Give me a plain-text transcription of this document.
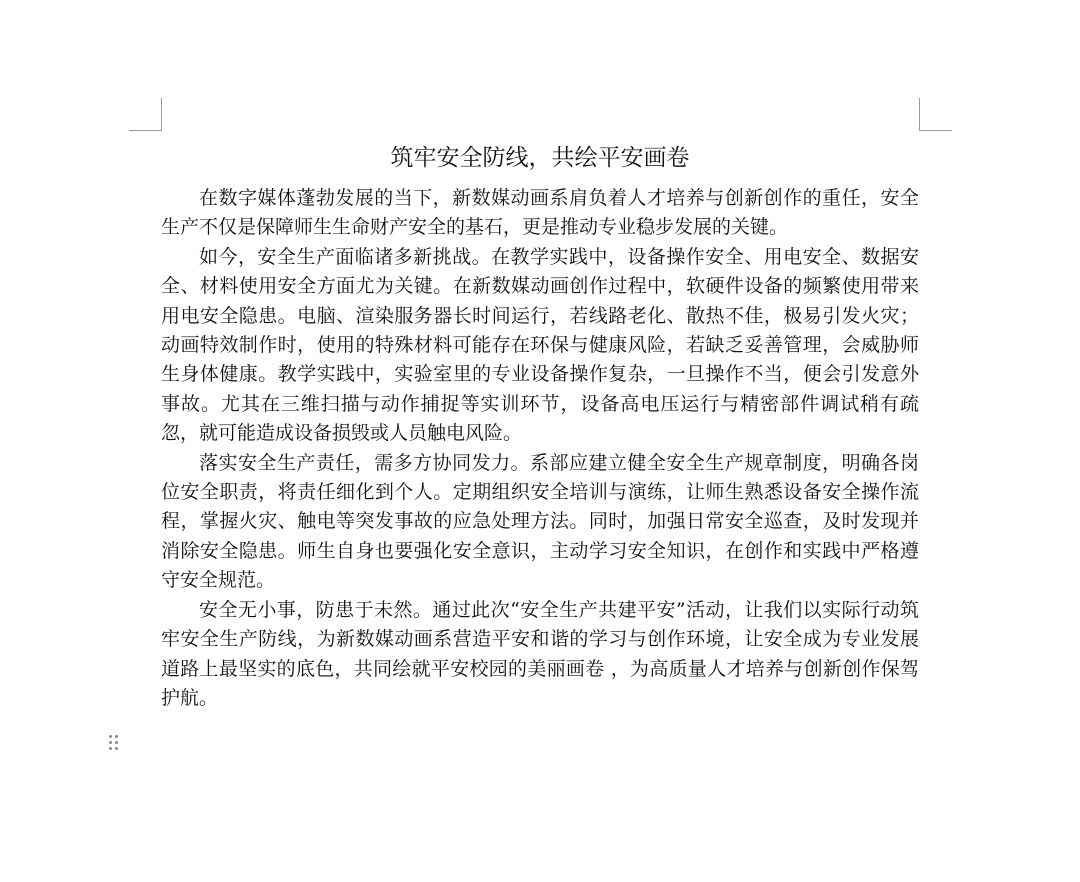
筑牢安全防线，共绘平安画卷

在数字媒体蓬勃发展的当下，新数媒动画系肩负着人才培养与创新创作的重任，安全生产不仅是保障师生生命财产安全的基石，更是推动专业稳步发展的关键。

如今，安全生产面临诸多新挑战。在教学实践中，设备操作安全、用电安全、数据安全、材料使用安全方面尤为关键。在新数媒动画创作过程中，软硬件设备的频繁使用带来用电安全隐患。电脑、渲染服务器长时间运行，若线路老化、散热不佳，极易引发火灾；动画特效制作时，使用的特殊材料可能存在环保与健康风险，若缺乏妥善管理，会威胁师生身体健康。教学实践中，实验室里的专业设备操作复杂，一旦操作不当，便会引发意外事故。尤其在三维扫描与动作捕捉等实训环节，设备高电压运行与精密部件调试稍有疏忽，就可能造成设备损毁或人员触电风险。

落实安全生产责任，需多方协同发力。系部应建立健全安全生产规章制度，明确各岗位安全职责，将责任细化到个人。定期组织安全培训与演练，让师生熟悉设备安全操作流程，掌握火灾、触电等突发事故的应急处理方法。同时，加强日常安全巡查，及时发现并消除安全隐患。师生自身也要强化安全意识，主动学习安全知识，在创作和实践中严格遵守安全规范。

安全无小事，防患于未然。通过此次“安全生产共建平安”活动，让我们以实际行动筑牢安全生产防线，为新数媒动画系营造平安和谐的学习与创作环境，让安全成为专业发展道路上最坚实的底色，共同绘就平安校园的美丽画卷 ，为高质量人才培养与创新创作保驾护航。
